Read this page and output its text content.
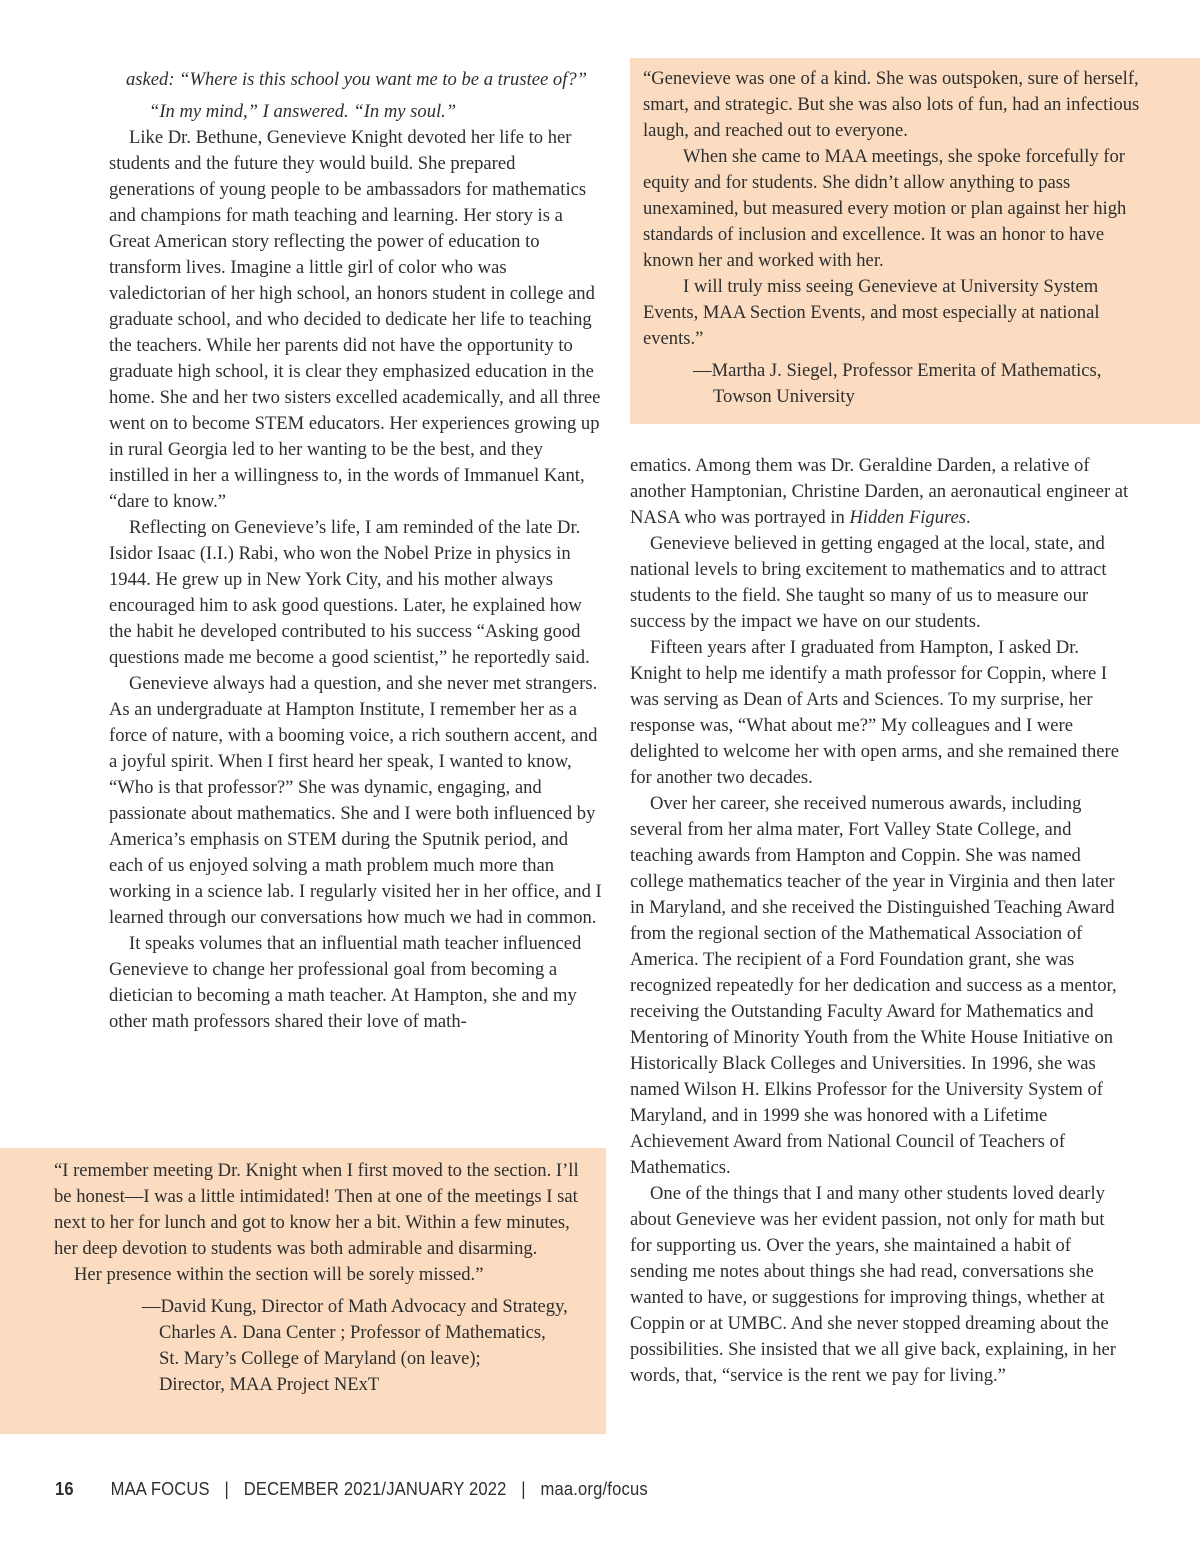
asked: “Where is this school you want me to be a trustee of?”

“In my mind,” I answered. “In my soul.”

Like Dr. Bethune, Genevieve Knight devoted her life to her students and the future they would build. She prepared generations of young people to be ambassadors for mathematics and champions for math teaching and learning. Her story is a Great American story reflecting the power of education to transform lives. Imagine a little girl of color who was valedictorian of her high school, an honors student in college and graduate school, and who decided to dedicate her life to teaching the teachers. While her parents did not have the opportunity to graduate high school, it is clear they emphasized education in the home. She and her two sisters excelled academically, and all three went on to become STEM educators. Her experiences growing up in rural Georgia led to her wanting to be the best, and they instilled in her a willingness to, in the words of Immanuel Kant, “dare to know.”

Reflecting on Genevieve’s life, I am reminded of the late Dr. Isidor Isaac (I.I.) Rabi, who won the Nobel Prize in physics in 1944. He grew up in New York City, and his mother always encouraged him to ask good questions. Later, he explained how the habit he developed contributed to his success “Asking good questions made me become a good scientist,” he reportedly said.

Genevieve always had a question, and she never met strangers. As an undergraduate at Hampton Institute, I remember her as a force of nature, with a booming voice, a rich southern accent, and a joyful spirit. When I first heard her speak, I wanted to know, “Who is that professor?” She was dynamic, engaging, and passionate about mathematics. She and I were both influenced by America’s emphasis on STEM during the Sputnik period, and each of us enjoyed solving a math problem much more than working in a science lab. I regularly visited her in her office, and I learned through our conversations how much we had in common.

It speaks volumes that an influential math teacher influenced Genevieve to change her professional goal from becoming a dietician to becoming a math teacher. At Hampton, she and my other math professors shared their love of math-

“Genevieve was one of a kind. She was outspoken, sure of herself, smart, and strategic. But she was also lots of fun, had an infectious laugh, and reached out to everyone.

When she came to MAA meetings, she spoke forcefully for equity and for students. She didn’t allow anything to pass unexamined, but measured every motion or plan against her high standards of inclusion and excellence. It was an honor to have known her and worked with her.

I will truly miss seeing Genevieve at University System Events, MAA Section Events, and most especially at national events.”

—Martha J. Siegel, Professor Emerita of Mathematics,
Towson University

ematics. Among them was Dr. Geraldine Darden, a relative of another Hamptonian, Christine Darden, an aeronautical engineer at NASA who was portrayed in Hidden Figures.

Genevieve believed in getting engaged at the local, state, and national levels to bring excitement to mathematics and to attract students to the field. She taught so many of us to measure our success by the impact we have on our students.

Fifteen years after I graduated from Hampton, I asked Dr. Knight to help me identify a math professor for Coppin, where I was serving as Dean of Arts and Sciences. To my surprise, her response was, “What about me?” My colleagues and I were delighted to welcome her with open arms, and she remained there for another two decades.

Over her career, she received numerous awards, including several from her alma mater, Fort Valley State College, and teaching awards from Hampton and Coppin. She was named college mathematics teacher of the year in Virginia and then later in Maryland, and she received the Distinguished Teaching Award from the regional section of the Mathematical Association of America. The recipient of a Ford Foundation grant, she was recognized repeatedly for her dedication and success as a mentor, receiving the Outstanding Faculty Award for Mathematics and Mentoring of Minority Youth from the White House Initiative on Historically Black Colleges and Universities. In 1996, she was named Wilson H. Elkins Professor for the University System of Maryland, and in 1999 she was honored with a Lifetime Achievement Award from National Council of Teachers of Mathematics.

One of the things that I and many other students loved dearly about Genevieve was her evident passion, not only for math but for supporting us. Over the years, she maintained a habit of sending me notes about things she had read, conversations she wanted to have, or suggestions for improving things, whether at Coppin or at UMBC. And she never stopped dreaming about the possibilities. She insisted that we all give back, explaining, in her words, that, “service is the rent we pay for living.”

“I remember meeting Dr. Knight when I first moved to the section. I’ll be honest—I was a little intimidated! Then at one of the meetings I sat next to her for lunch and got to know her a bit. Within a few minutes, her deep devotion to students was both admirable and disarming.

Her presence within the section will be sorely missed.”

—David Kung, Director of Math Advocacy and Strategy,
Charles A. Dana Center ; Professor of Mathematics,
St. Mary’s College of Maryland (on leave);
Director, MAA Project NExT
16 MAA FOCUS | DECEMBER 2021/JANUARY 2022 | maa.org/focus
